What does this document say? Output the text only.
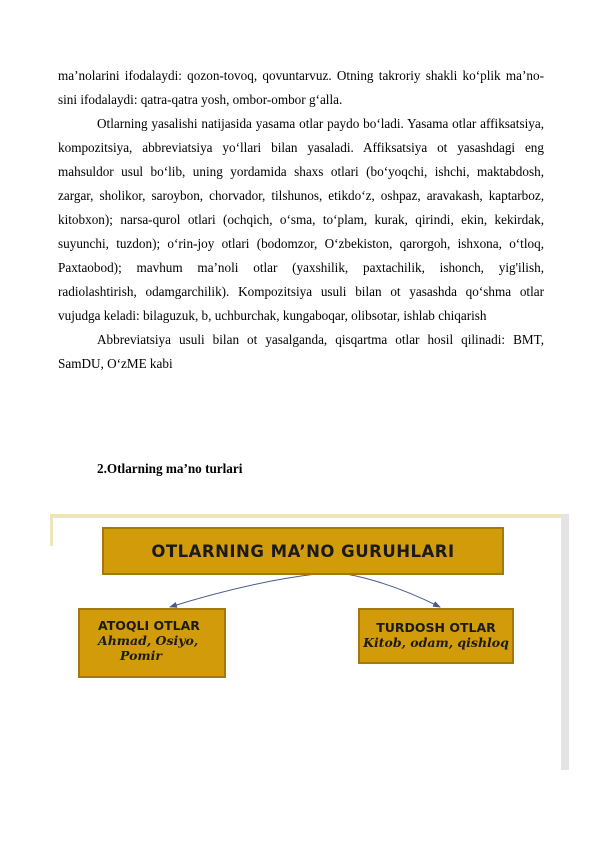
ma’nolarini ifodalaydi: qozon-tovoq, qovuntarvuz. Otning takroriy shakli ko‘plik ma’no-sini ifodalaydi: qatra-qatra yosh, ombor-ombor g‘alla.

Otlarning yasalishi natijasida yasama otlar paydo bo‘ladi. Yasama otlar affiksatsiya, kompozitsiya, abbreviatsiya yo‘llari bilan yasaladi. Affiksatsiya ot yasashdagi eng mahsuldor usul bo‘lib, uning yordamida shaxs otlari (bo‘yoqchi, ishchi, maktabdosh, zargar, sholikor, saroybon, chorvador, tilshunos, etikdo‘z, oshpaz, aravakash, kaptarboz, kitobxon); narsa-qurol otlari (ochqich, o‘sma, to‘plam, kurak, qirindi, ekin, kekirdak, suyunchi, tuzdon); o‘rin-joy otlari (bodomzor, O‘zbekiston, qarorgoh, ishxona, o‘tloq, Paxtaobod); mavhum ma’noli otlar (yaxshilik, paxtachilik, ishonch, yig'ilish, radiolashtirish, odamgarchilik). Kompozitsiya usuli bilan ot yasashda qo‘shma otlar vujudga keladi: bilaguzuk, b, uchburchak, kungaboqar, olibsotar, ishlab chiqarish

Abbreviatsiya usuli bilan ot yasalganda, qisqartma otlar hosil qilinadi: BMT, SamDU, O‘zME kabi

2.Otlarning ma’no turlari
OTLARNING MA’NO GURUHLARI
ATOQLI OTLAR
Ahmad, Osiyo,
Pomir
TURDOSH OTLAR
Kitob, odam, qishloq
